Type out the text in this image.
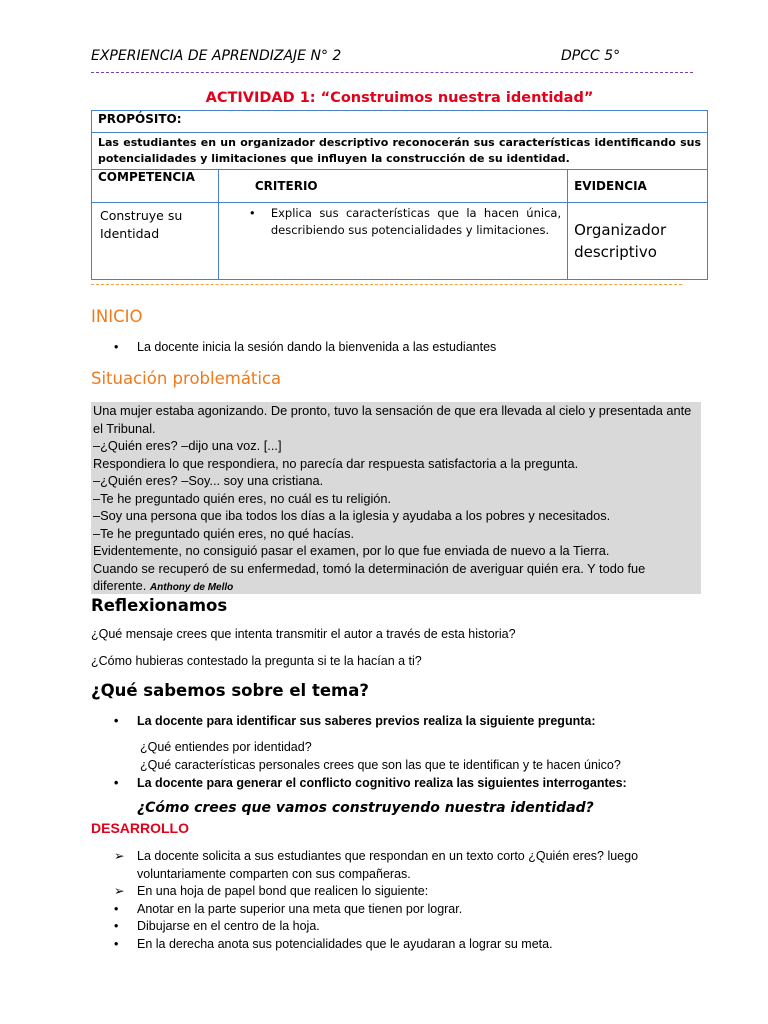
EXPERIENCIA DE APRENDIZAJE N° 2	DPCC 5°
ACTIVIDAD 1: “Construimos nuestra identidad”
PROPÓSITO:		
Las estudiantes en un organizador descriptivo reconocerán sus características identificando sus potencialidades y limitaciones que influyen la construcción de su identidad.		
COMPETENCIA	CRITERIO	EVIDENCIA
Construye su Identidad	• Explica sus características que la hacen única, describiendo sus potencialidades y limitaciones.	Organizador descriptivo
INICIO
• La docente inicia la sesión dando la bienvenida a las estudiantes
Situación problemática

Una mujer estaba agonizando. De pronto, tuvo la sensación de que era llevada al cielo y presentada ante

el Tribunal.

–¿Quién eres? –dijo una voz. [...]

Respondiera lo que respondiera, no parecía dar respuesta satisfactoria a la pregunta.

–¿Quién eres? –Soy... soy una cristiana.

–Te he preguntado quién eres, no cuál es tu religión.

–Soy una persona que iba todos los días a la iglesia y ayudaba a los pobres y necesitados.

–Te he preguntado quién eres, no qué hacías.

Evidentemente, no consiguió pasar el examen, por lo que fue enviada de nuevo a la Tierra.

Cuando se recuperó de su enfermedad, tomó la determinación de averiguar quién era. Y todo fue

diferente. Anthony de Mello

Reflexionamos
¿Qué mensaje crees que intenta transmitir el autor a través de esta historia?
¿Cómo hubieras contestado la pregunta si te la hacían a ti?
¿Qué sabemos sobre el tema?
• La docente para identificar sus saberes previos realiza la siguiente pregunta:
¿Qué entiendes por identidad?
¿Qué características personales crees que son las que te identifican y te hacen único?
• La docente para generar el conflicto cognitivo realiza las siguientes interrogantes:
¿Cómo crees que vamos construyendo nuestra identidad?
DESARROLLO
➢ La docente solicita a sus estudiantes que respondan en un texto corto ¿Quién eres? luego
voluntariamente comparten con sus compañeras.
➢ En una hoja de papel bond que realicen lo siguiente:
• Anotar en la parte superior una meta que tienen por lograr.
• Dibujarse en el centro de la hoja.
• En la derecha anota sus potencialidades que le ayudaran a lograr su meta.
